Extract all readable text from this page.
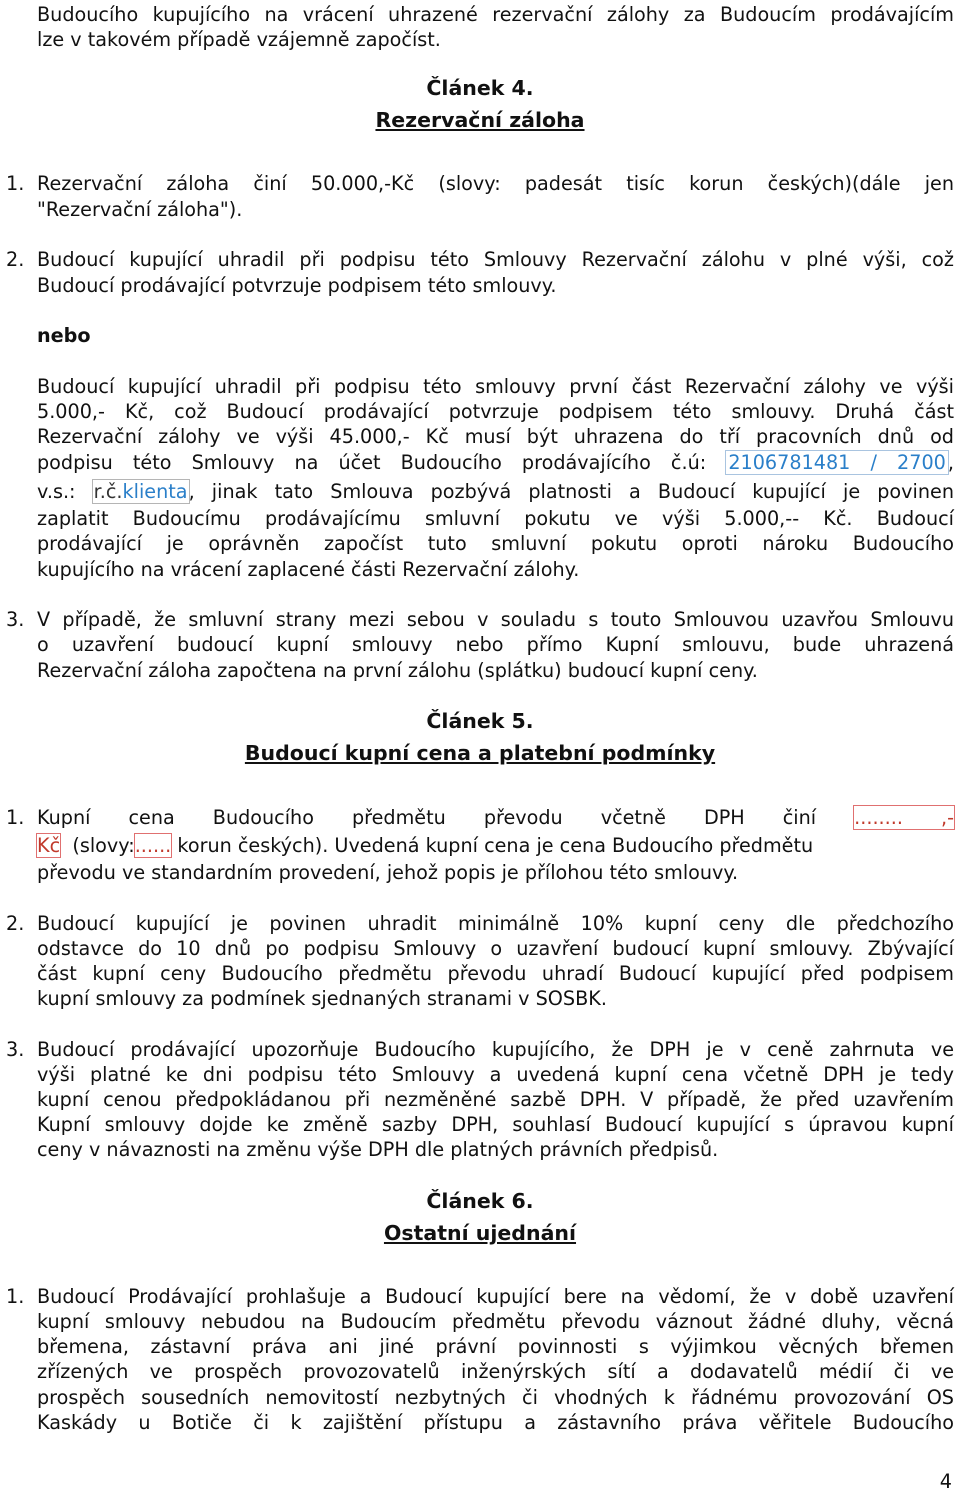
Budoucího kupujícího na vrácení uhrazené rezervační zálohy za Budoucím prodávajícím
lze v takovém případě vzájemně započíst.
Článek 4.
Rezervační záloha
Rezervační záloha činí 50.000,-Kč (slovy: padesát tisíc korun českých)(dále jen
1.
"Rezervační záloha").
2. Budoucí kupující uhradil při podpisu této Smlouvy Rezervační zálohu v plné výši, což
Budoucí prodávající potvrzuje podpisem této smlouvy.
nebo
Budoucí kupující uhradil při podpisu této smlouvy první část Rezervační zálohy ve výši
5.000,- Kč, což Budoucí prodávající potvrzuje podpisem této smlouvy. Druhá část
Rezervační zálohy ve výši 45.000,- Kč musí být uhrazena do tří pracovních dnů od
podpisu této Smlouvy na účet Budoucího prodávajícího č.ú: 2106781481 / 2700 ,
v.s.: r.č.klienta, jinak tato Smlouva pozbývá platnosti a Budoucí kupující je povinen
zaplatit Budoucímu prodávajícímu smluvní pokutu ve výši 5.000,-- Kč. Budoucí
prodávající je oprávněn započíst tuto smluvní pokutu oproti nároku Budoucího
kupujícího na vrácení zaplacené části Rezervační zálohy.
3. V případě, že smluvní strany mezi sebou v souladu s touto Smlouvou uzavřou Smlouvu
o uzavření budoucí kupní smlouvy nebo přímo Kupní smlouvu, bude uhrazená
Rezervační záloha započtena na první zálohu (splátku) budoucí kupní ceny.
Článek 5.
Budoucí kupní cena a platební podmínky
1. Kupní cena Budoucího předmětu převodu včetně DPH činí ........ ,-
Kč (slovy:...... korun českých). Uvedená kupní cena je cena Budoucího předmětu
převodu ve standardním provedení, jehož popis je přílohou této smlouvy.
2. Budoucí kupující je povinen uhradit minimálně 10% kupní ceny dle předchozího
odstavce do 10 dnů po podpisu Smlouvy o uzavření budoucí kupní smlouvy. Zbývající
část kupní ceny Budoucího předmětu převodu uhradí Budoucí kupující před podpisem
kupní smlouvy za podmínek sjednaných stranami v SOSBK.
3. Budoucí prodávající upozorňuje Budoucího kupujícího, že DPH je v ceně zahrnuta ve
výši platné ke dni podpisu této Smlouvy a uvedená kupní cena včetně DPH je tedy
kupní cenou předpokládanou při nezměněné sazbě DPH. V případě, že před uzavřením
Kupní smlouvy dojde ke změně sazby DPH, souhlasí Budoucí kupující s úpravou kupní
ceny v návaznosti na změnu výše DPH dle platných právních předpisů.
Článek 6.
Ostatní ujednání
1. Budoucí Prodávající prohlašuje a Budoucí kupující bere na vědomí, že v době uzavření
kupní smlouvy nebudou na Budoucím předmětu převodu váznout žádné dluhy, věcná
břemena, zástavní práva ani jiné právní povinnosti s výjimkou věcných břemen
zřízených ve prospěch provozovatelů inženýrských sítí a dodavatelů médií či ve
prospěch sousedních nemovitostí nezbytných či vhodných k řádnému provozování OS
Kaskády u Botiče či k zajištění přístupu a zástavního práva věřitele Budoucího
4
